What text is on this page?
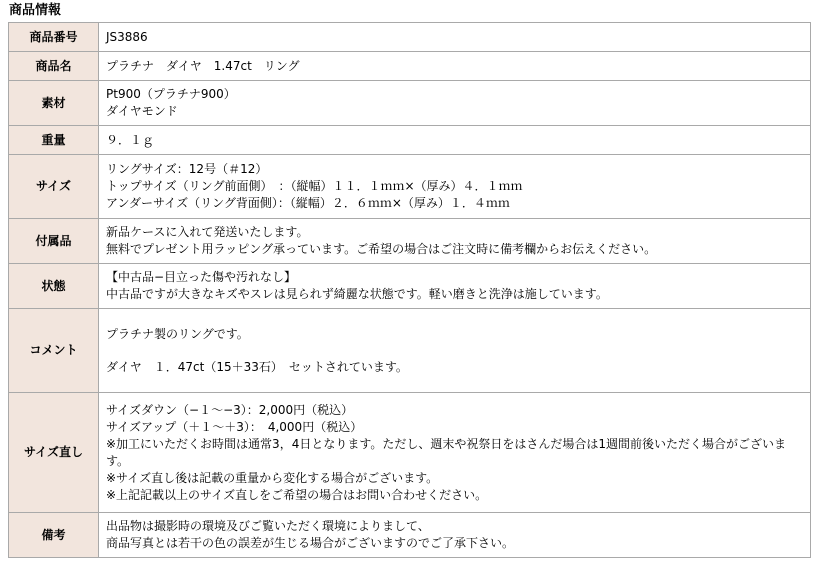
商品情報
商品番号	JS3886

商品名	プラチナ　ダイヤ　1.47ct　リング

素材	Pt900（プラチナ900）
ダイヤモンド

重量	９．１ｇ

サイズ	リングサイズ：12号（＃12）
トップサイズ（リング前面側）　：（縦幅）１１．１ｍｍ×（厚み）４．１ｍｍ
アンダーサイズ（リング背面側）：（縦幅）２．６ｍｍ×（厚み）１．４ｍｍ

付属品	新品ケースに入れて発送いたします。
無料でプレゼント用ラッピング承っています。ご希望の場合はご注文時に備考欄からお伝えください。

状態	【中古品−目立った傷や汚れなし】
中古品ですが大きなキズやスレは見られず綺麗な状態です。軽い磨きと洗浄は施しています。

コメント	プラチナ製のリングです。
ダイヤ　１．47ct（15＋33石）　セットされています。

サイズ直し	サイズダウン（−１〜−3）：2,000円（税込）
サイズアップ（＋１〜＋3）：　4,000円（税込）
※加工にいただくお時間は通常3，4日となります。ただし、週末や祝祭日をはさんだ場合は1週間前後いただく場合がございます。
※サイズ直し後は記載の重量から変化する場合がございます。
※上記記載以上のサイズ直しをご希望の場合はお問い合わせください。

備考	出品物は撮影時の環境及びご覧いただく環境によりまして、
商品写真とは若干の色の誤差が生じる場合がございますのでご了承下さい。
